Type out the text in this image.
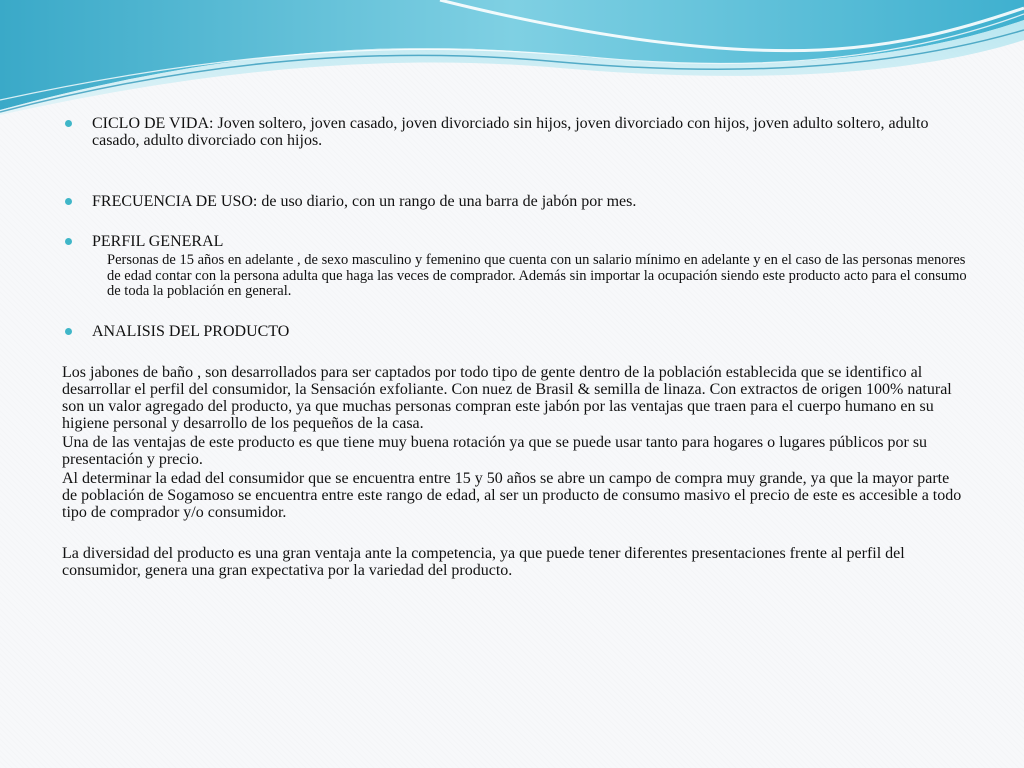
CICLO DE VIDA: Joven soltero, joven casado, joven divorciado sin hijos, joven divorciado con hijos, joven adulto soltero, adulto casado, adulto divorciado con hijos.
FRECUENCIA DE USO: de uso diario, con un rango de una barra de jabón por mes.
PERFIL GENERAL
Personas de 15 años en adelante , de sexo masculino y femenino que cuenta con un salario mínimo en adelante y en el caso de las personas menores de edad contar con la persona adulta que haga las veces de comprador. Además sin importar la ocupación siendo este producto acto para el consumo de toda la población en general.
ANALISIS DEL PRODUCTO
Los jabones de baño , son desarrollados para ser captados por todo tipo de gente dentro de la población establecida que se identifico al desarrollar el perfil del consumidor, la Sensación exfoliante. Con nuez de Brasil & semilla de linaza. Con extractos de origen 100% natural son un valor agregado del producto, ya que muchas personas compran este jabón por las ventajas que traen para el cuerpo humano en su higiene personal y desarrollo de los pequeños de la casa.
Una de las ventajas de este producto es que tiene muy buena rotación ya que se puede usar tanto para hogares o lugares públicos por su presentación y precio.
Al determinar la edad del consumidor que se encuentra entre 15 y 50 años se abre un campo de compra muy grande, ya que la mayor parte de población de Sogamoso se encuentra entre este rango de edad, al ser un producto de consumo masivo el precio de este es accesible a todo tipo de comprador y/o consumidor.
La diversidad del producto es una gran ventaja ante la competencia, ya que puede tener diferentes presentaciones frente al perfil del consumidor, genera una gran expectativa por la variedad del producto.
